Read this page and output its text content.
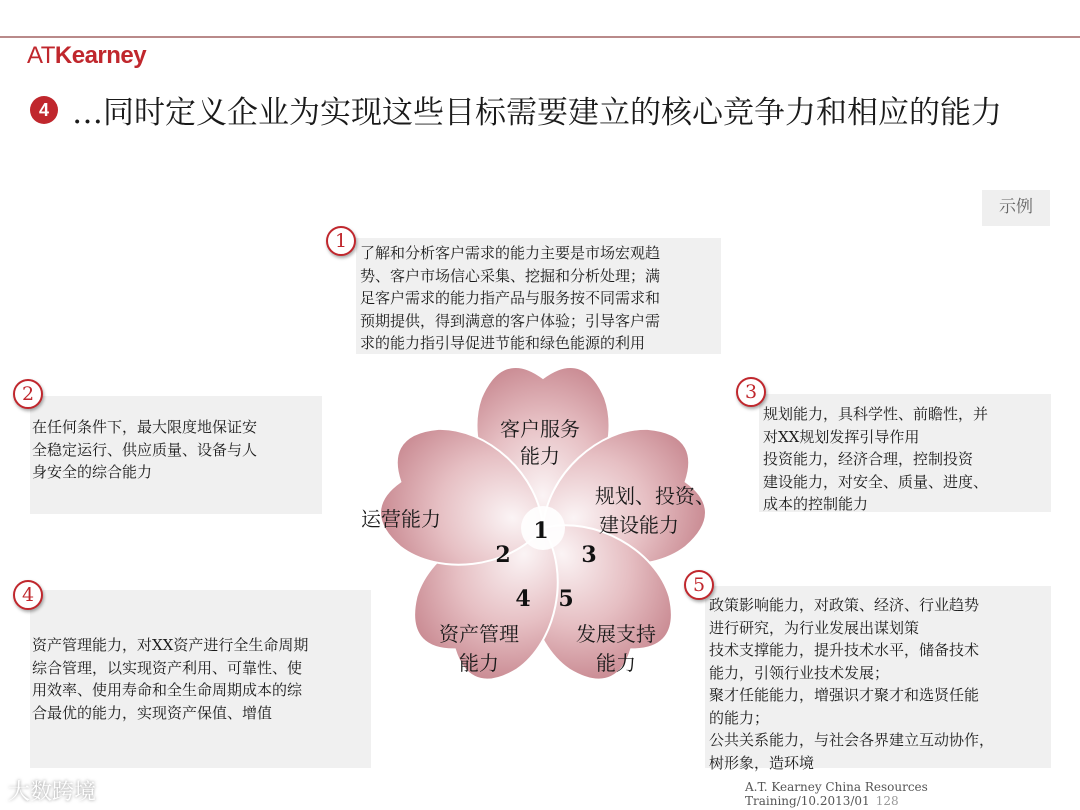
ATKearney
4 …同时定义企业为实现这些目标需要建立的核心竞争力和相应的能力
示例
客户服务
能力
运营能力
规划、投资、
建设能力
资产管理
能力
发展支持
能力
1
2	3
4 5

了解和分析客户需求的能力主要是市场宏观趋

势、客户市场信心采集、挖掘和分析处理；满

足客户需求的能力指产品与服务按不同需求和

预期提供，得到满意的客户体验；引导客户需

求的能力指引导促进节能和绿色能源的利用

1

在任何条件下，最大限度地保证安

全稳定运行、供应质量、设备与人

身安全的综合能力

2

规划能力，具科学性、前瞻性，并

对XX规划发挥引导作用

投资能力，经济合理，控制投资

建设能力，对安全、质量、进度、

成本的控制能力

3

资产管理能力，对XX资产进行全生命周期

综合管理，以实现资产利用、可靠性、使

用效率、使用寿命和全生命周期成本的综

合最优的能力，实现资产保值、增值

4	政策影响能力，对政策、经济、行业趋势

进行研究，为行业发展出谋划策

技术支撑能力，提升技术水平，储备技术

能力，引领行业技术发展；

聚才任能能力，增强识才聚才和选贤任能

的能力；

公共关系能力，与社会各界建立互动协作，

树形象，造环境

5
A.T. Kearney China Resources Training/10.2013/01 128
大数跨境
